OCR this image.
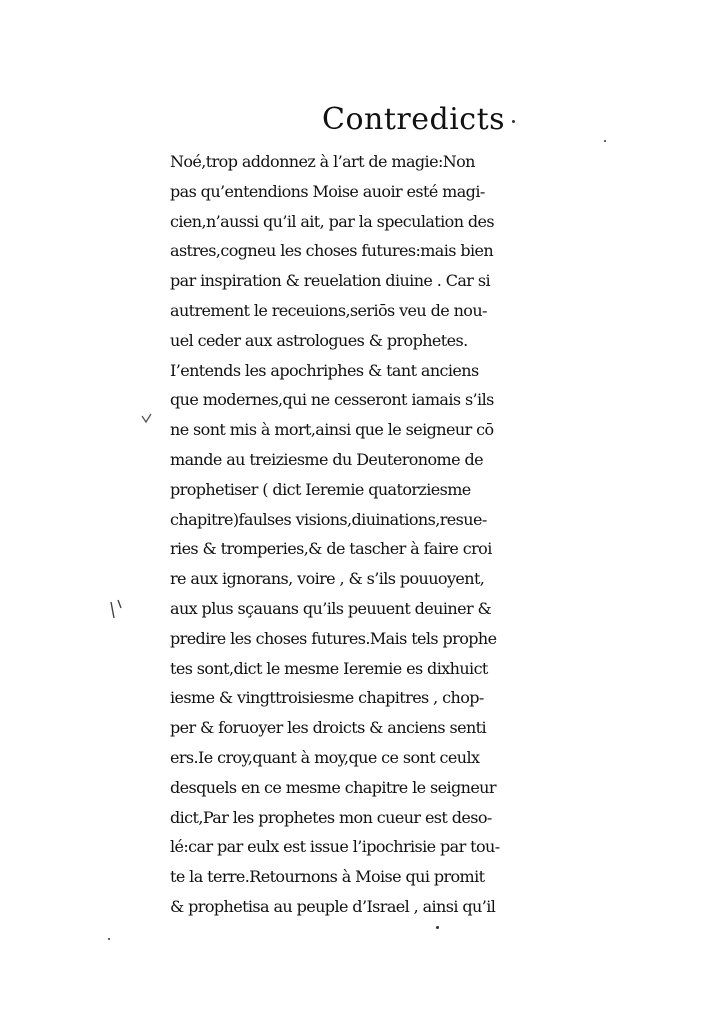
Contredicts
Noé,trop addonnez à l’art de magie:Non
pas qu’entendions Moise auoir esté magi-
cien,n’aussi qu’il ait, par la speculation des
astres,cogneu les choses futures:mais bien
par inspiration & reuelation diuine . Car si
autrement le receuions,seriōs veu de nou-
uel ceder aux astrologues & prophetes.
I’entends les apochriphes & tant anciens
que modernes,qui ne cesseront iamais s’ils
ne sont mis à mort,ainsi que le seigneur cō
mande au treiziesme du Deuteronome de
prophetiser ( dict Ieremie quatorziesme
chapitre)faulses visions,diuinations,resue-
ries & tromperies,& de tascher à faire croi
re aux ignorans, voire , & s’ils pouuoyent,
aux plus sçauans qu’ils peuuent deuiner &
predire les choses futures.Mais tels prophe
tes sont,dict le mesme Ieremie es dixhuict
iesme & vingttroisiesme chapitres , chop-
per & foruoyer les droicts & anciens senti
ers.Ie croy,quant à moy,que ce sont ceulx
desquels en ce mesme chapitre le seigneur
dict,Par les prophetes mon cueur est deso-
lé:car par eulx est issue l’ipochrisie par tou-
te la terre.Retournons à Moise qui promit
& prophetisa au peuple d’Israel , ainsi qu’il
